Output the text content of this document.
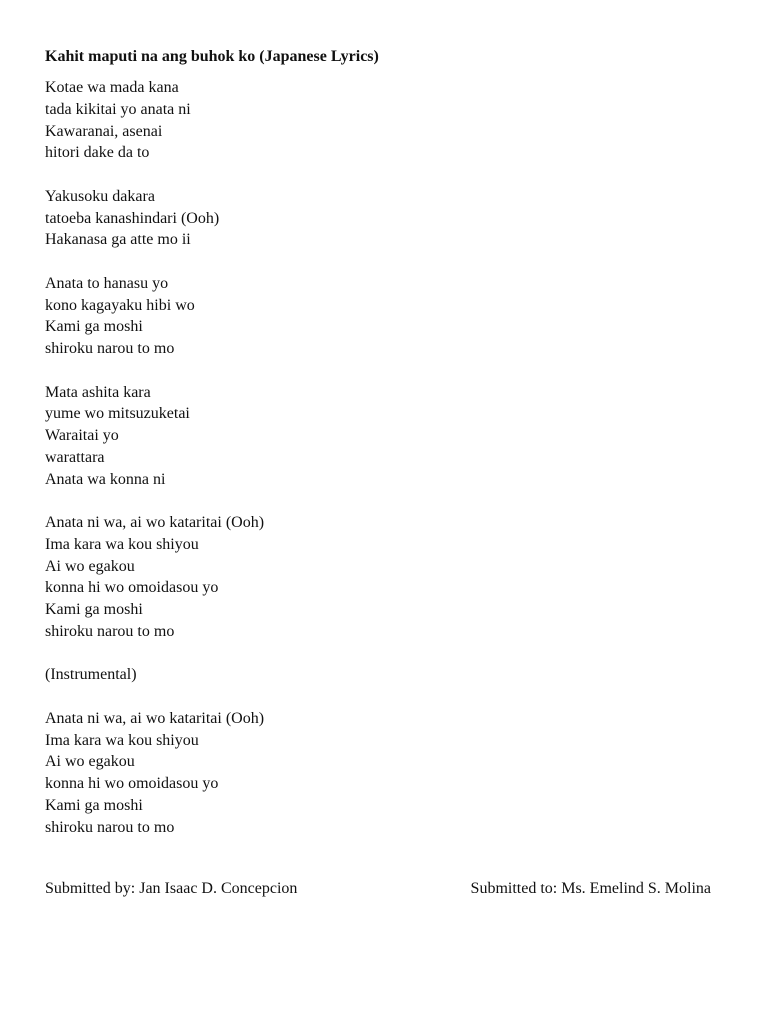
Kahit maputi na ang buhok ko (Japanese Lyrics)
Kotae wa mada kana
tada kikitai yo anata ni
Kawaranai, asenai
hitori dake da to
Yakusoku dakara
tatoeba kanashindari (Ooh)
Hakanasa ga atte mo ii
Anata to hanasu yo
kono kagayaku hibi wo
Kami ga moshi
shiroku narou to mo
Mata ashita kara
yume wo mitsuzuketai
Waraitai yo
warattara
Anata wa konna ni
Anata ni wa, ai wo kataritai (Ooh)
Ima kara wa kou shiyou
Ai wo egakou
konna hi wo omoidasou yo
Kami ga moshi
shiroku narou to mo
(Instrumental)
Anata ni wa, ai wo kataritai (Ooh)
Ima kara wa kou shiyou
Ai wo egakou
konna hi wo omoidasou yo
Kami ga moshi
shiroku narou to mo
Submitted by: Jan Isaac D. Concepcion	Submitted to: Ms. Emelind S. Molina
